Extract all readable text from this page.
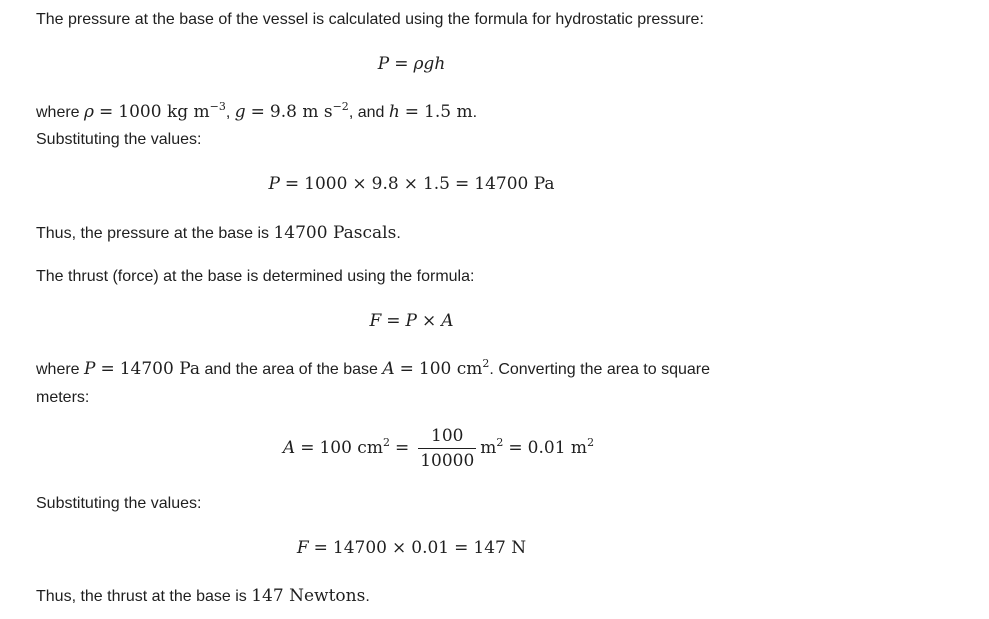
The pressure at the base of the vessel is calculated using the formula for hydrostatic pressure:
P = ρgh
where ρ = 1000 kg $m^{-3}$, g = 9.8 m $s^{-2}$, and h = 1.5 m.
Substituting the values:
P = 1000 × 9.8 × 1.5 = 14700 Pa
Thus, the pressure at the base is 14700 Pascals.
The thrust (force) at the base is determined using the formula:
F = P × A
where P = 14700 Pa and the area of the base A = 100 $cm^2$. Converting the area to square
meters:
A = 100 $cm^2 = \frac{100}{10000} m^2 = 0.01$ $m^2$
Substituting the values:
F = 14700 × 0.01 = 147 N
Thus, the thrust at the base is 147 Newtons.
